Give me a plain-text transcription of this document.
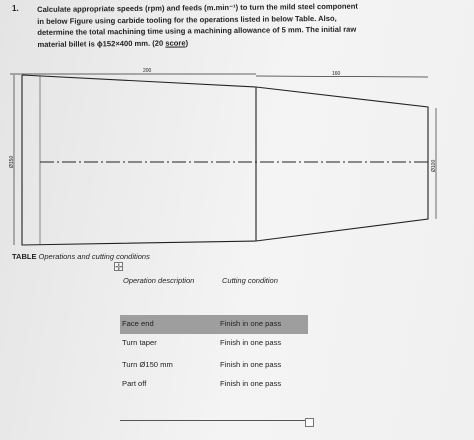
1. Calculate appropriate speeds (rpm) and feeds (m.min⁻¹) to turn the mild steel component
in below Figure using carbide tooling for the operations listed in below Table. Also,
determine the total machining time using a machining allowance of 5 mm. The initial raw
material billet is ϕ152×400 mm. (20 score)
200	160
Ø150	Ø100
TABLE Operations and cutting conditions
✛
Operation description	Cutting condition
Face end	Finish in one pass
Turn taper	Finish in one pass
Turn Ø150 mm	Finish in one pass
Part off	Finish in one pass
